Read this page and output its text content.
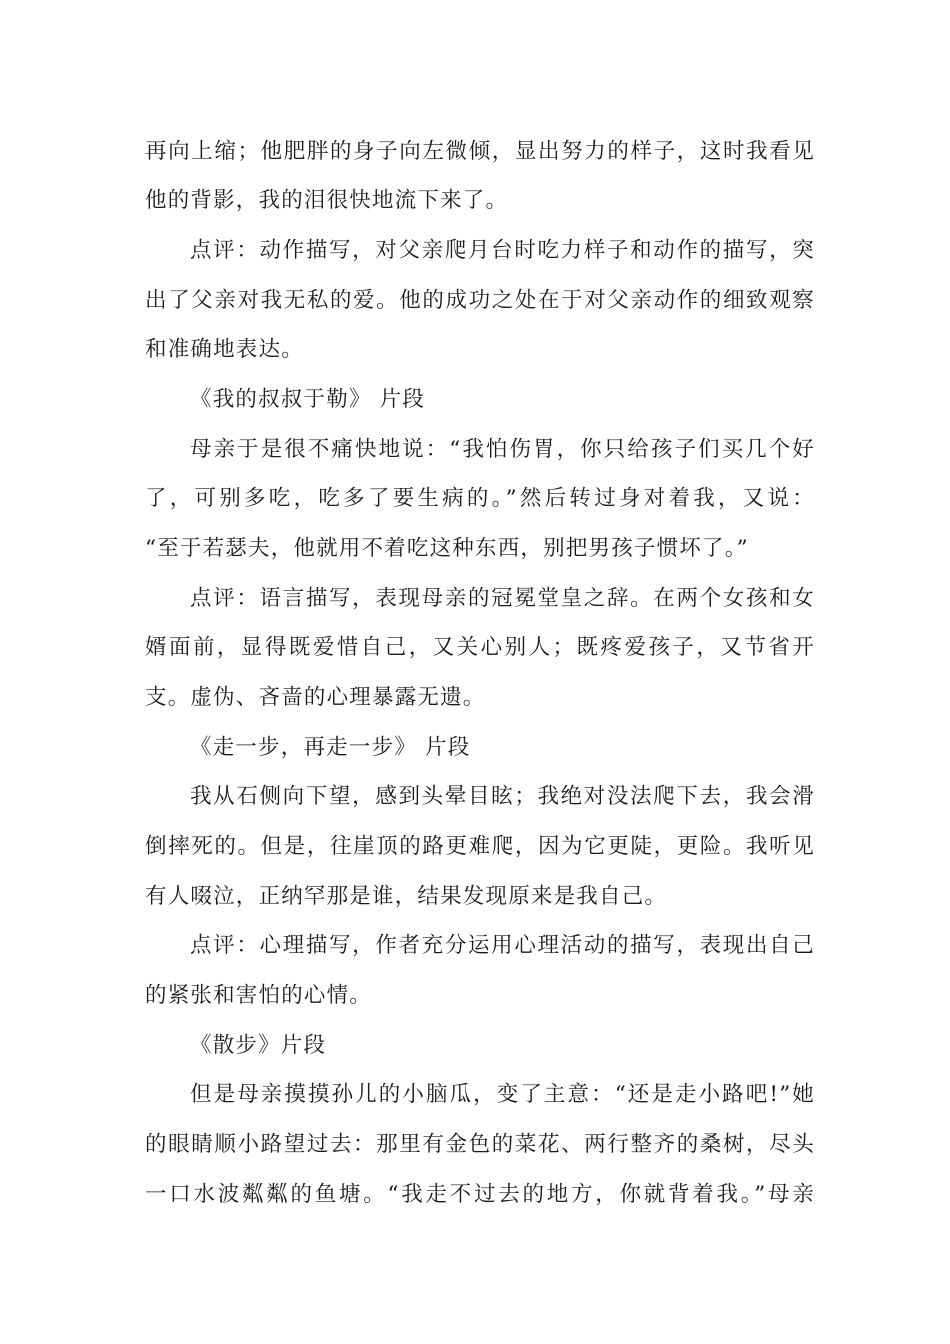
再向上缩；他肥胖的身子向左微倾，显出努力的样子，这时我看见
他的背影，我的泪很快地流下来了。
点评：动作描写，对父亲爬月台时吃力样子和动作的描写，突
出了父亲对我无私的爱。他的成功之处在于对父亲动作的细致观察
和准确地表达。
《我的叔叔于勒》 片段
母亲于是很不痛快地说：“我怕伤胃，你只给孩子们买几个好
了，可别多吃，吃多了要生病的。”然后转过身对着我，又说：
“至于若瑟夫，他就用不着吃这种东西，别把男孩子惯坏了。”
点评：语言描写，表现母亲的冠冕堂皇之辞。在两个女孩和女
婿面前，显得既爱惜自己，又关心别人；既疼爱孩子，又节省开
支。虚伪、吝啬的心理暴露无遗。
《走一步，再走一步》 片段
我从石侧向下望，感到头晕目眩；我绝对没法爬下去，我会滑
倒摔死的。但是，往崖顶的路更难爬，因为它更陡，更险。我听见
有人啜泣，正纳罕那是谁，结果发现原来是我自己。
点评：心理描写，作者充分运用心理活动的描写，表现出自己
的紧张和害怕的心情。
《散步》片段
但是母亲摸摸孙儿的小脑瓜，变了主意：“还是走小路吧!”她
的眼睛顺小路望过去：那里有金色的菜花、两行整齐的桑树，尽头
一口水波粼粼的鱼塘。“我走不过去的地方，你就背着我。”母亲
